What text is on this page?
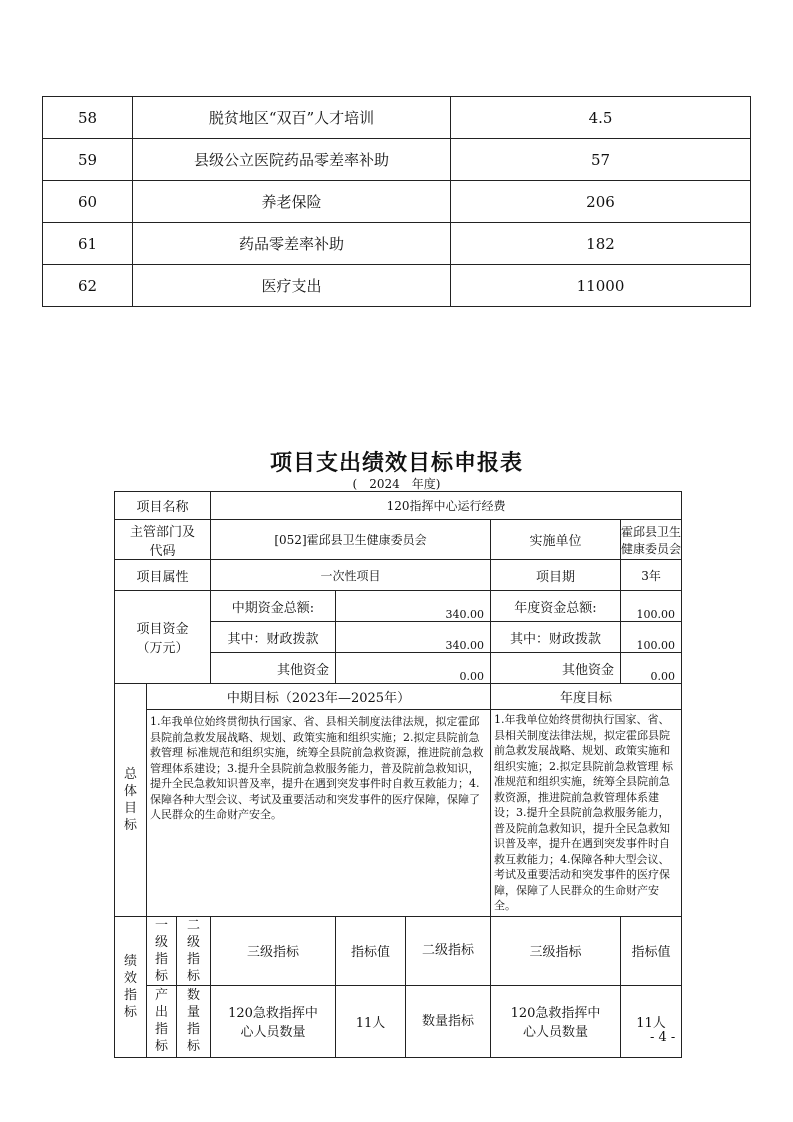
58	脱贫地区“双百”人才培训	4.5
59	县级公立医院药品零差率补助	57
60	养老保险	206
61	药品零差率补助	182
62	医疗支出	11000
项目支出绩效目标申报表
(　2024　年度)
项目名称			120指挥中心运行经费				
主管部门及代码			[052]霍邱县卫生健康委员会			实施单位	霍邱县卫生健康委员会
项目属性			一次性项目			项目期	3年
项目资金（万元）			中期资金总额:	340.00		年度资金总额:	100.00
			其中：财政拨款	340.00		其中：财政拨款	100.00
			其他资金	0.00		其他资金	0.00
总体目标	中期目标（2023年—2025年）					年度目标	
	1.年我单位始终贯彻执行国家、省、县相关制度法律法规，拟定霍邱县院前急救发展战略、规划、政策实施和组织实施；2.拟定县院前急救管理 标准规范和组织实施，统筹全县院前急救资源，推进院前急救管理体系建设；3.提升全县院前急救服务能力，普及院前急救知识，提升全民急救知识普及率，提升在遇到突发事件时自救互救能力；4.保障各种大型会议、考试及重要活动和突发事件的医疗保障，保障了人民群众的生命财产安全。					1.年我单位始终贯彻执行国家、省、县相关制度法律法规，拟定霍邱县院前急救发展战略、规划、政策实施和组织实施；2.拟定县院前急救管理 标准规范和组织实施，统筹全县院前急救资源，推进院前急救管理体系建设；3.提升全县院前急救服务能力，普及院前急救知识，提升全民急救知识普及率，提升在遇到突发事件时自救互救能力；4.保障各种大型会议、考试及重要活动和突发事件的医疗保障，保障了人民群众的生命财产安全。	
绩效指标	一级指标	二级指标	三级指标	指标值	二级指标	三级指标	指标值
	产出指标	数量指标	120急救指挥中心人员数量	11人	数量指标	120急救指挥中心人员数量	11人
- 4 -
